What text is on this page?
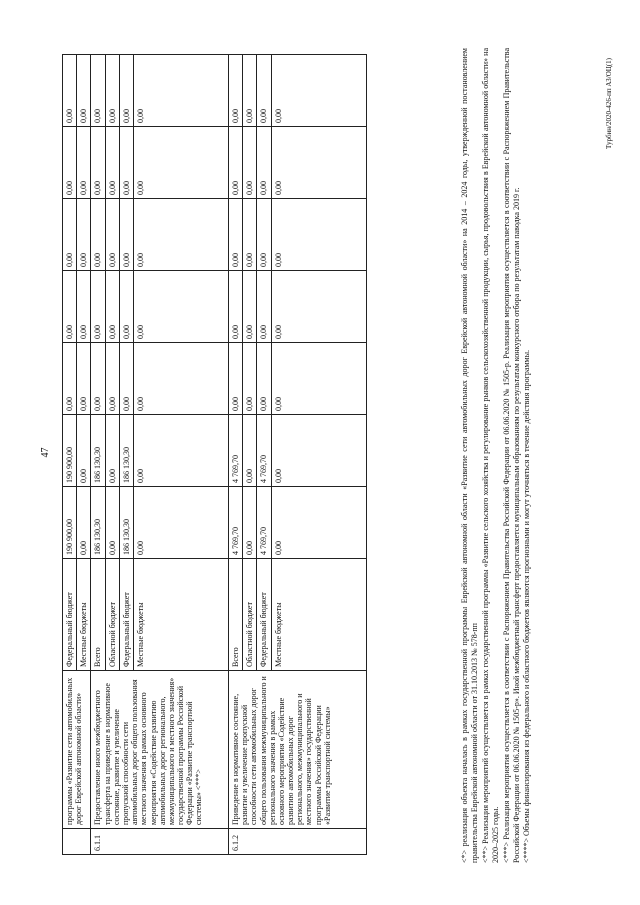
47
	программы «Развитие сети автомобильных дорог Еврейской автономной области»	Федеральный бюджет	190 900,00	190 900,00	0,00	0,00	0,00	0,00	0,00
		Местные бюджеты	0,00	0,00	0,00	0,00	0,00	0,00	0,00
6.1.1	Предоставление иного межбюджетного трансферта на приведение в нормативное состояние, развитие и увеличение пропускной способности сети автомобильных дорог общего пользования местного значения в рамках основного мероприятия «Содействие развитию автомобильных дорог регионального, межмуниципального и местного значения» государственной программы Российской Федерации «Развитие транспортной системы» <***>	Всего	186 130,30	186 130,30	0,00	0,00	0,00	0,00	0,00
		Областной бюджет	0,00	0,00	0,00	0,00	0,00	0,00	0,00
		Федеральный бюджет	186 130,30	186 130,30	0,00	0,00	0,00	0,00	0,00
		Местные бюджеты	0,00	0,00	0,00	0,00	0,00	0,00	0,00
6.1.2	Приведение в нормативное состояние, развитие и увеличение пропускной способности сети автомобильных дорог общего пользования межмуниципального и регионального значения в рамках основного мероприятия «Содействие развитию автомобильных дорог регионального, межмуниципального и местного значения» государственной программы Российской Федерации «Развитие транспортной системы»	Всего	4 769,70	4 769,70	0,00	0,00	0,00	0,00	0,00
		Областной бюджет	0,00	0,00	0,00	0,00	0,00	0,00	0,00
		Федеральный бюджет	4 769,70	4 769,70	0,00	0,00	0,00	0,00	0,00
		Местные бюджеты	0,00	0,00	0,00	0,00	0,00	0,00	0,00	<*> реализация объекта началась в рамках государственной программы Еврейской автономной области «Развитие сети автомобильных дорог Еврейской автономной области» на 2014 – 2024 годы, утвержденной постановлением правительства Еврейской автономной области от 31.10.2013 № 578-пп <**> Реализация мероприятий осуществляется в рамках государственной программы «Развитие сельского хозяйства и регулирование рынков сельскохозяйственной продукции, сырья, продовольствия в Еврейской автономной области» на 2020–2025 годы. <***> Реализация мероприятия осуществляется в соответствии с Распоряжением Правительства Российской Федерации от 06.06.2020 № 1505-р. Реализация мероприятия осуществляется в соответствии с Распоряжением Правительства Российской Федерации от 06.06.2020 № 1505-р». Иной межбюджетный трансферт предоставляется муниципальным образованиям по результатам конкурсного отбора по результатам паводка 2019 г. <****> Объемы финансирования из федерального и областного бюджетов являются прогнозными и могут уточняться в течение действия программы.

Турбин/2020-426-пп АЗ/ОЦ(1)
